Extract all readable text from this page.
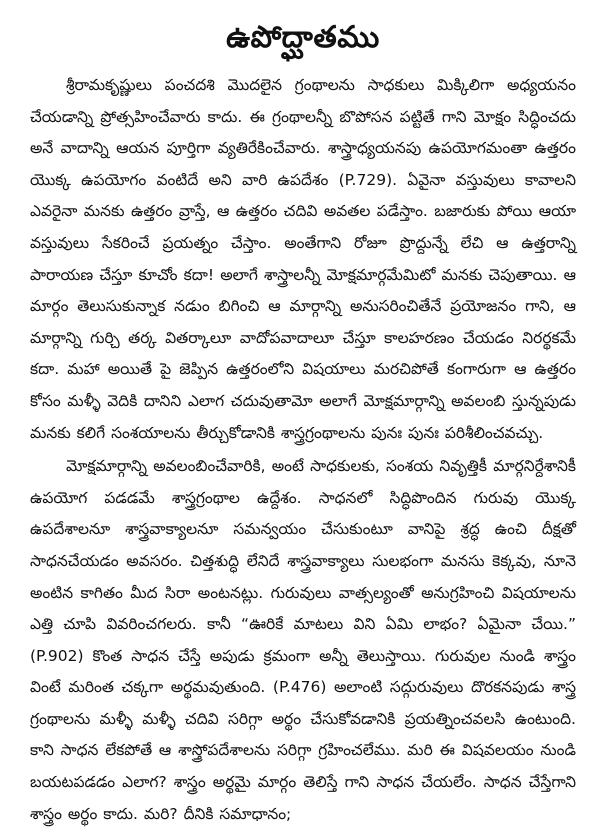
ఉపోద్ఘాతము

శ్రీరామకృష్ణులు పంచదశి మొదలైన గ్రంథాలను సాధకులు మిక్కిలిగా అధ్యయనం చేయడాన్ని ప్రోత్సహించేవారు కాదు. ఈ గ్రంథాలన్నీ బొపోసన పట్టితే గాని మోక్షం సిద్ధించదు అనే వాదాన్ని ఆయన పూర్తిగా వ్యతిరేకించేవారు. శాస్త్రాధ్యయనపు ఉపయోగమంతా ఉత్తరం యొక్క ఉపయోగం వంటిదే అని వారి ఉపదేశం (P.729). ఏవైనా వస్తువులు కావాలని ఎవరైనా మనకు ఉత్తరం వ్రాస్తే, ఆ ఉత్తరం చదివి అవతల పడేస్తాం. బజారుకు పోయి ఆయా వస్తువులు సేకరించే ప్రయత్నం చేస్తాం. అంతేగాని రోజూ ప్రొద్దున్నే లేచి ఆ ఉత్తరాన్ని పారాయణ చేస్తూ కూచోం కదా! అలాగే శాస్త్రాలన్నీ మోక్షమార్గమేమిటో మనకు చెపుతాయి. ఆ మార్గం తెలుసుకున్నాక నడుం బిగించి ఆ మార్గాన్ని అనుసరించితేనే ప్రయోజనం గాని, ఆ మార్గాన్ని గుర్చి తర్క వితర్కాలూ వాదోపవాదాలూ చేస్తూ కాలహరణం చేయడం నిరర్థకమే కదా. మహా అయితే పై జెప్పిన ఉత్తరంలోని విషయాలు మరచిపోతే కంగారుగా ఆ ఉత్తరం కోసం మళ్ళీ వెదికి దానిని ఎలాగ చదువుతామో అలాగే మోక్షమార్గాన్ని అవలంబి స్తున్నపుడు మనకు కలిగే సంశయాలను తీర్చుకోడానికి శాస్త్రగ్రంథాలను పునః పునః పరిశీలించవచ్చు.

మోక్షమార్గాన్ని అవలంబించేవారికి, అంటే సాధకులకు, సంశయ నివృత్తికీ మార్గనిర్దేశానికీ ఉపయోగ పడడమే శాస్త్రగ్రంథాల ఉద్దేశం. సాధనలో సిద్ధిపొందిన గురువు యొక్క ఉపదేశాలనూ శాస్త్రవాక్యాలనూ సమన్వయం చేసుకుంటూ వానిపై శ్రద్ధ ఉంచి దీక్షతో సాధనచేయడం అవసరం. చిత్తశుద్ధి లేనిదే శాస్త్రవాక్యాలు సులభంగా మనసు కెక్కవు, నూనె అంటిన కాగితం మీద సిరా అంటనట్లు. గురువులు వాత్సల్యంతో అనుగ్రహించి విషయాలను ఎత్తి చూపి వివరించగలరు. కానీ “ఊరికే మాటలు విని ఏమి లాభం? ఏమైనా చేయి.” (P.902) కొంత సాధన చేస్తే అపుడు క్రమంగా అన్నీ తెలుస్తాయి. గురువుల నుండి శాస్త్రం వింటే మరింత చక్కగా అర్థమవుతుంది. (P.476) అలాంటి సద్గురువులు దొరకనపుడు శాస్త్ర గ్రంథాలను మళ్ళీ మళ్ళీ చదివి సరిగ్గా అర్థం చేసుకోవడానికి ప్రయత్నించవలసి ఉంటుంది. కాని సాధన లేకపోతే ఆ శాస్త్రోపదేశాలను సరిగ్గా గ్రహించలేము. మరి ఈ విషవలయం నుండి బయటపడడం ఎలాగ? శాస్త్రం అర్థమై మార్గం తెలిస్తే గాని సాధన చేయలేం. సాధన చేస్తేగాని శాస్త్రం అర్థం కాదు. మరి? దీనికి సమాధానం;
